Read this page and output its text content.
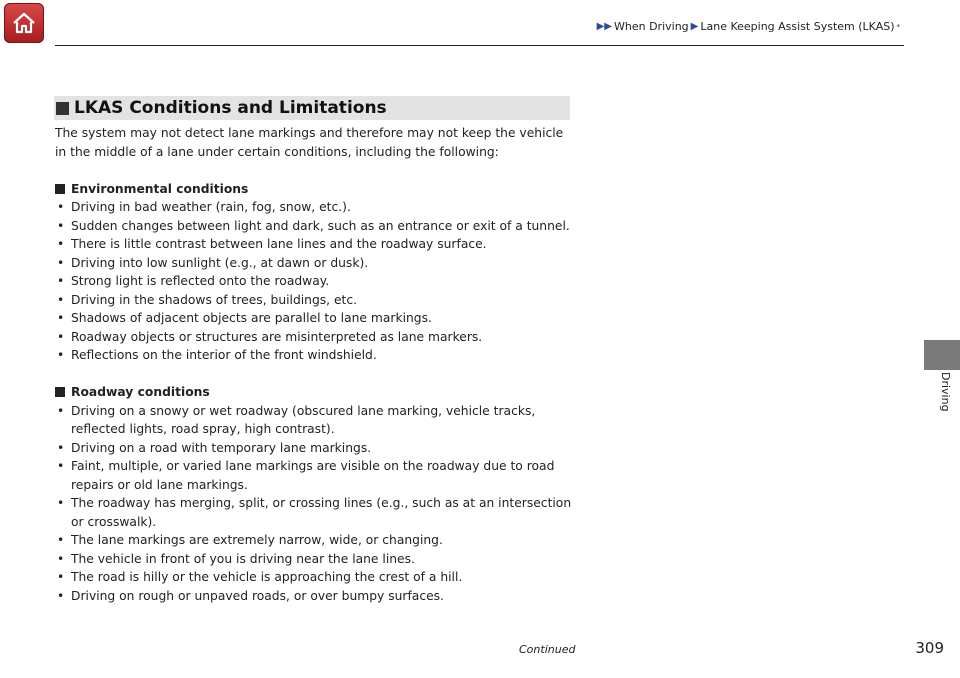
▶▶ When Driving ▶ Lane Keeping Assist System (LKAS) *
LKAS Conditions and Limitations

The system may not detect lane markings and therefore may not keep the vehicle in the middle of a lane under certain conditions, including the following:

Environmental conditions
• Driving in bad weather (rain, fog, snow, etc.).
• Sudden changes between light and dark, such as an entrance or exit of a tunnel.
• There is little contrast between lane lines and the roadway surface.
• Driving into low sunlight (e.g., at dawn or dusk).
• Strong light is reflected onto the roadway.
• Driving in the shadows of trees, buildings, etc.
• Shadows of adjacent objects are parallel to lane markings.
• Roadway objects or structures are misinterpreted as lane markers.
• Reflections on the interior of the front windshield.
Roadway conditions
• Driving on a snowy or wet roadway (obscured lane marking, vehicle tracks, reflected lights, road spray, high contrast).
• Driving on a road with temporary lane markings.
• Faint, multiple, or varied lane markings are visible on the roadway due to road repairs or old lane markings.
• The roadway has merging, split, or crossing lines (e.g., such as at an intersection or crosswalk).
• The lane markings are extremely narrow, wide, or changing.
• The vehicle in front of you is driving near the lane lines.
• The road is hilly or the vehicle is approaching the crest of a hill.
• Driving on rough or unpaved roads, or over bumpy surfaces.
Driving
Continued	309
